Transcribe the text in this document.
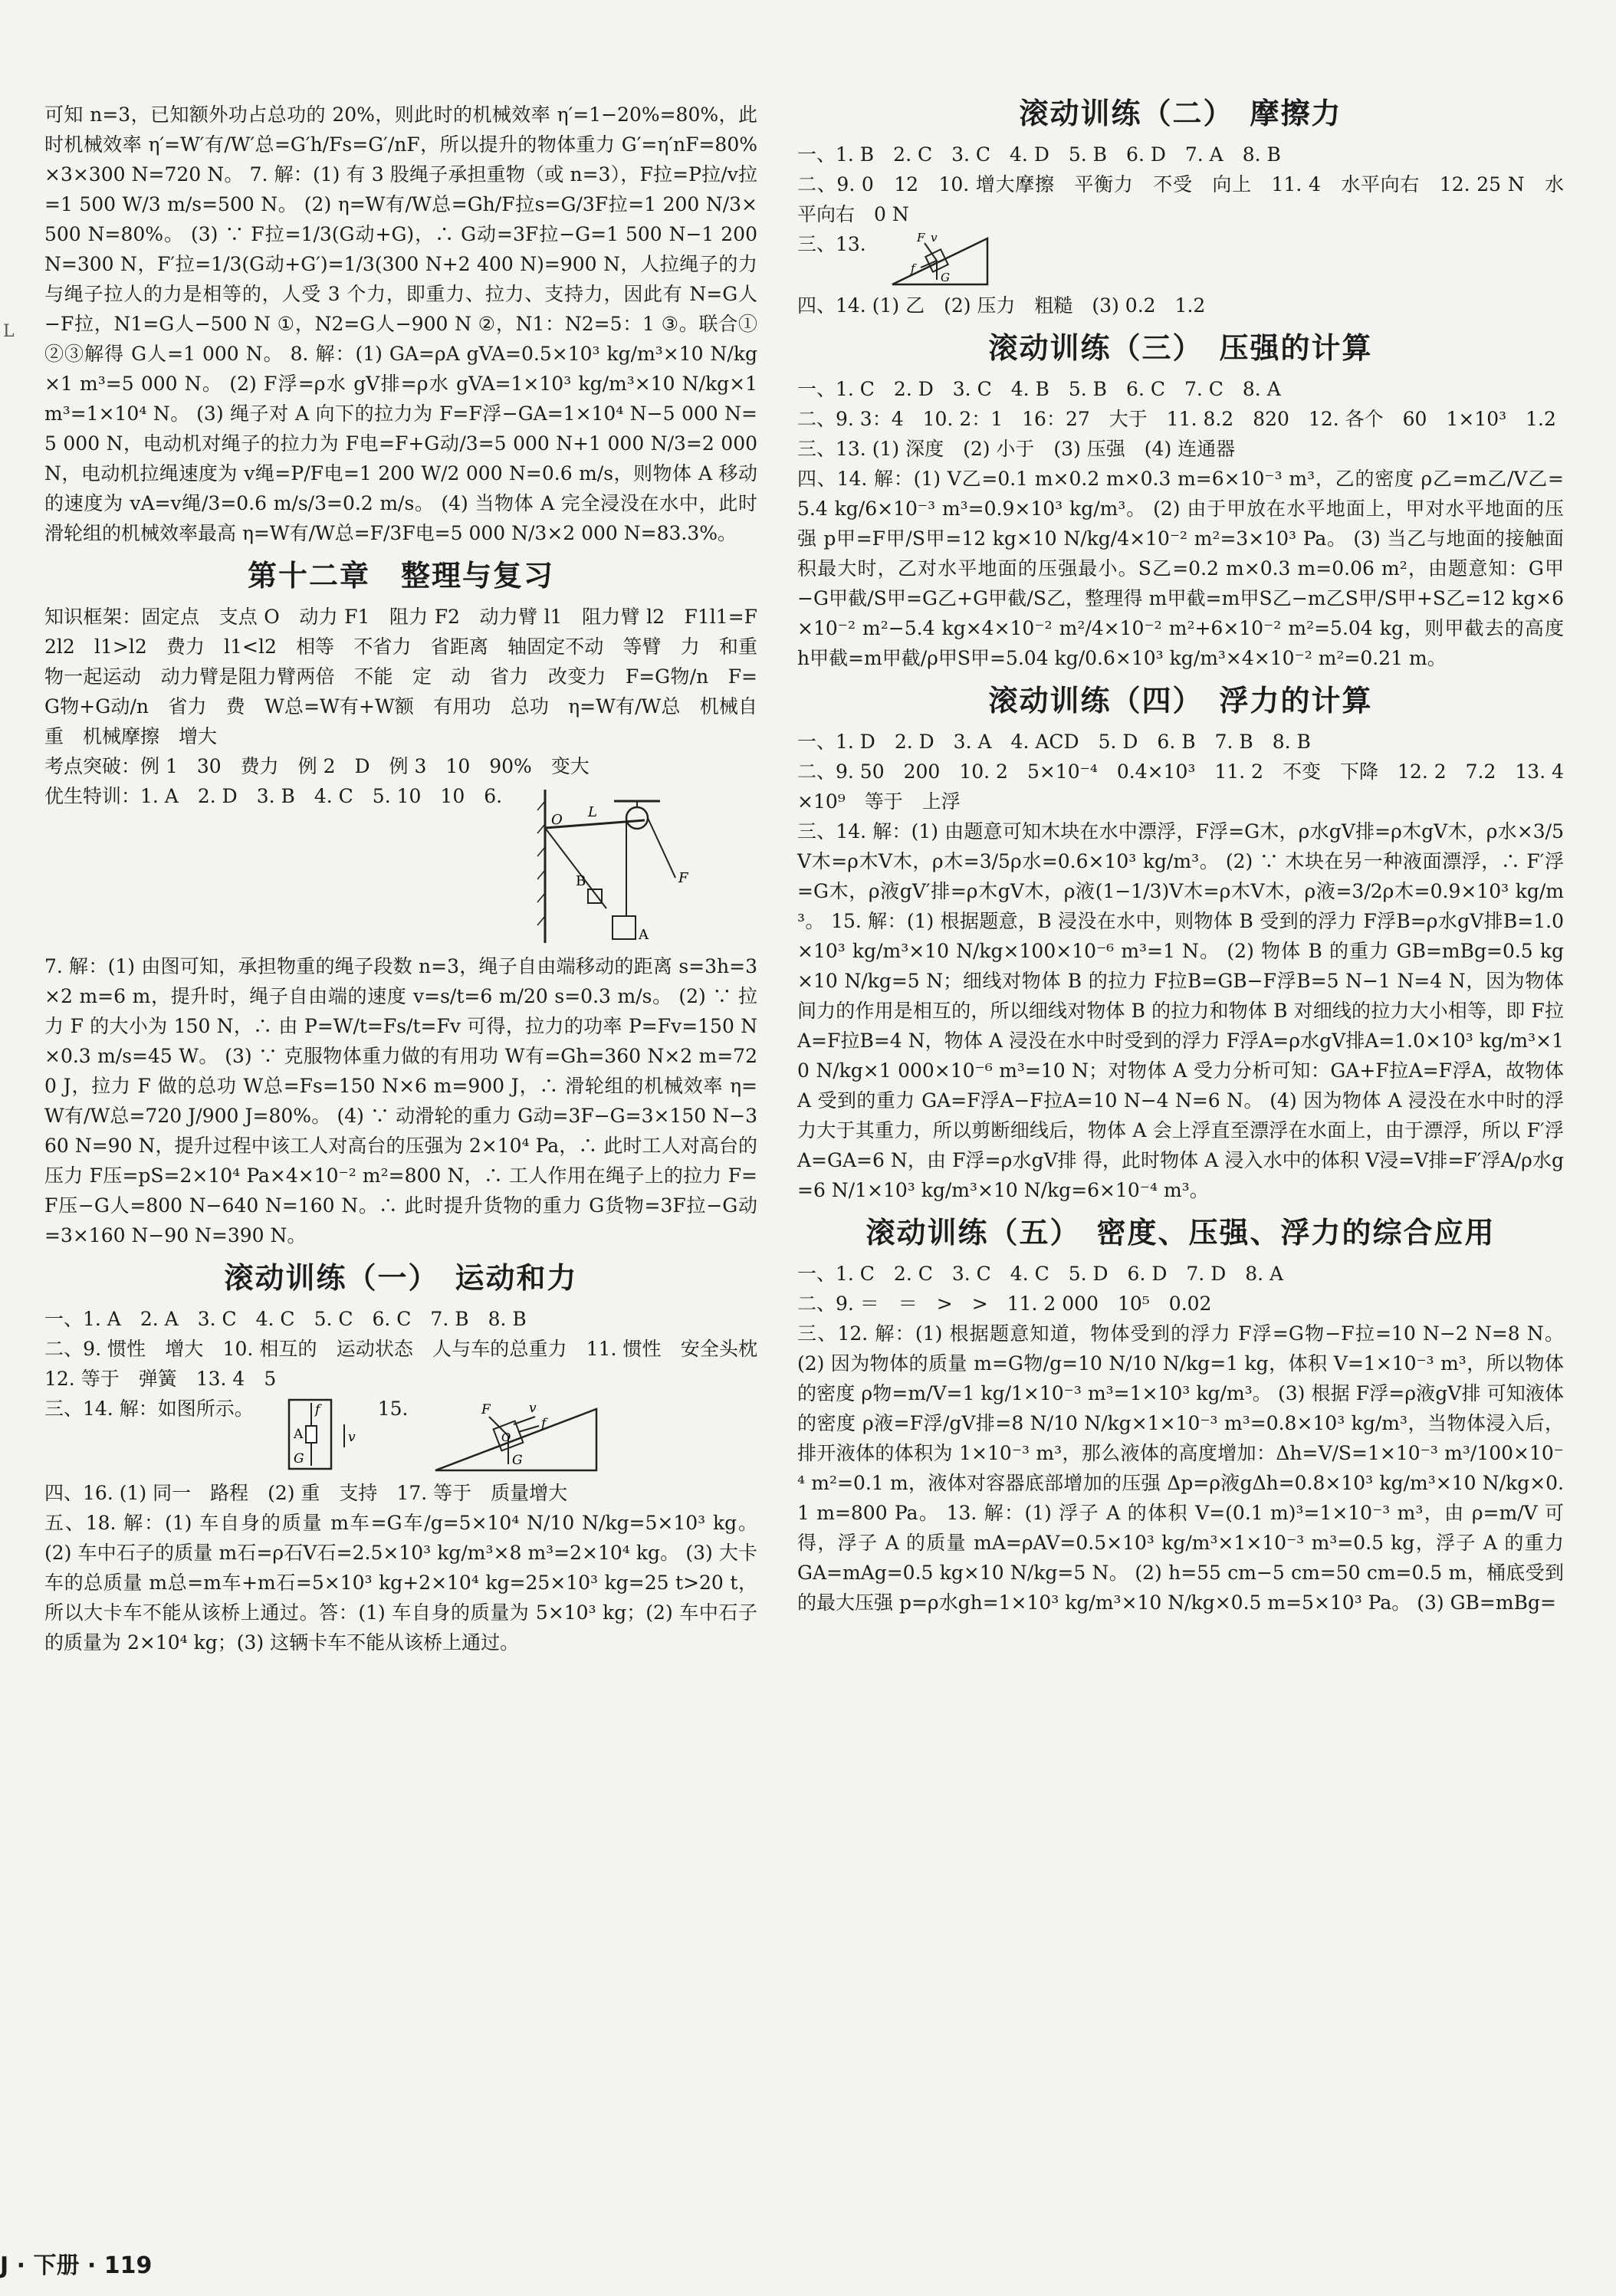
L

可知 n=3，已知额外功占总功的 20%，则此时的机械效率 η′=1−20%=80%，此时机械效率 η′=W′有/W′总=G′h/Fs=G′/nF，所以提升的物体重力 G′=η′nF=80%×3×300 N=720 N。 7. 解：(1) 有 3 股绳子承担重物（或 n=3），F拉=P拉/v拉=1 500 W/3 m/s=500 N。 (2) η=W有/W总=Gh/F拉s=G/3F拉=1 200 N/3×500 N=80%。 (3) ∵ F拉=1/3(G动+G)，∴ G动=3F拉−G=1 500 N−1 200 N=300 N，F′拉=1/3(G动+G′)=1/3(300 N+2 400 N)=900 N，人拉绳子的力与绳子拉人的力是相等的，人受 3 个力，即重力、拉力、支持力，因此有 N=G人−F拉，N1=G人−500 N ①，N2=G人−900 N ②，N1：N2=5：1 ③。联合①②③解得 G人=1 000 N。 8. 解：(1) GA=ρA gVA=0.5×10³ kg/m³×10 N/kg×1 m³=5 000 N。 (2) F浮=ρ水 gV排=ρ水 gVA=1×10³ kg/m³×10 N/kg×1 m³=1×10⁴ N。 (3) 绳子对 A 向下的拉力为 F=F浮−GA=1×10⁴ N−5 000 N=5 000 N，电动机对绳子的拉力为 F电=F+G动/3=5 000 N+1 000 N/3=2 000 N，电动机拉绳速度为 v绳=P/F电=1 200 W/2 000 N=0.6 m/s，则物体 A 移动的速度为 vA=v绳/3=0.6 m/s/3=0.2 m/s。 (4) 当物体 A 完全浸没在水中，此时滑轮组的机械效率最高 η=W有/W总=F/3F电=5 000 N/3×2 000 N=83.3%。

第十二章　整理与复习

知识框架：固定点　支点 O　动力 F1　阻力 F2　动力臂 l1　阻力臂 l2　F1l1=F2l2　l1>l2　费力　l1<l2　相等　不省力　省距离　轴固定不动　等臂　力　和重物一起运动　动力臂是阻力臂两倍　不能　定　动　省力　改变力　F=G物/n　F=G物+G动/n　省力　费　W总=W有+W额　有用功　总功　η=W有/W总　机械自重　机械摩擦　增大

考点突破：例 1　30　费力　例 2　D　例 3　10　90%　变大

优生特训：1. A　2. D　3. B　4. C　5. 10　10　6.

O L
B
A
F

7. 解：(1) 由图可知，承担物重的绳子段数 n=3，绳子自由端移动的距离 s=3h=3×2 m=6 m，提升时，绳子自由端的速度 v=s/t=6 m/20 s=0.3 m/s。 (2) ∵ 拉力 F 的大小为 150 N，∴ 由 P=W/t=Fs/t=Fv 可得，拉力的功率 P=Fv=150 N×0.3 m/s=45 W。 (3) ∵ 克服物体重力做的有用功 W有=Gh=360 N×2 m=720 J，拉力 F 做的总功 W总=Fs=150 N×6 m=900 J，∴ 滑轮组的机械效率 η=W有/W总=720 J/900 J=80%。 (4) ∵ 动滑轮的重力 G动=3F−G=3×150 N−360 N=90 N，提升过程中该工人对高台的压强为 2×10⁴ Pa，∴ 此时工人对高台的压力 F压=pS=2×10⁴ Pa×4×10⁻² m²=800 N，∴ 工人作用在绳子上的拉力 F=F压−G人=800 N−640 N=160 N。∴ 此时提升货物的重力 G货物=3F拉−G动=3×160 N−90 N=390 N。

滚动训练（一）　运动和力

一、1. A　2. A　3. C　4. C　5. C　6. C　7. B　8. B

二、9. 惯性　增大　10. 相互的　运动状态　人与车的总重力　11. 惯性　安全头枕　12. 等于　弹簧　13. 4　5

三、14. 解：如图所示。	f
A
G
v

15.	F	v
O
f
G

四、16. (1) 同一　路程　(2) 重　支持　17. 等于　质量增大

五、18. 解：(1) 车自身的质量 m车=G车/g=5×10⁴ N/10 N/kg=5×10³ kg。 (2) 车中石子的质量 m石=ρ石V石=2.5×10³ kg/m³×8 m³=2×10⁴ kg。 (3) 大卡车的总质量 m总=m车+m石=5×10³ kg+2×10⁴ kg=25×10³ kg=25 t>20 t，所以大卡车不能从该桥上通过。答：(1) 车自身的质量为 5×10³ kg；(2) 车中石子的质量为 2×10⁴ kg；(3) 这辆卡车不能从该桥上通过。

滚动训练（二）　摩擦力

一、1. B　2. C　3. C　4. D　5. B　6. D　7. A　8. B

二、9. 0　12　10. 增大摩擦　平衡力　不受　向上　11. 4　水平向右　12. 25 N　水平向右　0 N

三、13.	F v
f
G

四、14. (1) 乙　(2) 压力　粗糙　(3) 0.2　1.2

滚动训练（三）　压强的计算

一、1. C　2. D　3. C　4. B　5. B　6. C　7. C　8. A

二、9. 3：4　10. 2：1　16：27　大于　11. 8.2　820　12. 各个　60　1×10³　1.2

三、13. (1) 深度　(2) 小于　(3) 压强　(4) 连通器

四、14. 解：(1) V乙=0.1 m×0.2 m×0.3 m=6×10⁻³ m³，乙的密度 ρ乙=m乙/V乙=5.4 kg/6×10⁻³ m³=0.9×10³ kg/m³。 (2) 由于甲放在水平地面上，甲对水平地面的压强 p甲=F甲/S甲=12 kg×10 N/kg/4×10⁻² m²=3×10³ Pa。 (3) 当乙与地面的接触面积最大时，乙对水平地面的压强最小。S乙=0.2 m×0.3 m=0.06 m²，由题意知：G甲−G甲截/S甲=G乙+G甲截/S乙，整理得 m甲截=m甲S乙−m乙S甲/S甲+S乙=12 kg×6×10⁻² m²−5.4 kg×4×10⁻² m²/4×10⁻² m²+6×10⁻² m²=5.04 kg，则甲截去的高度 h甲截=m甲截/ρ甲S甲=5.04 kg/0.6×10³ kg/m³×4×10⁻² m²=0.21 m。

滚动训练（四）　浮力的计算

一、1. D　2. D　3. A　4. ACD　5. D　6. B　7. B　8. B

二、9. 50　200　10. 2　5×10⁻⁴　0.4×10³　11. 2　不变　下降　12. 2　7.2　13. 4×10⁹　等于　上浮

三、14. 解：(1) 由题意可知木块在水中漂浮，F浮=G木，ρ水gV排=ρ木gV木，ρ水×3/5V木=ρ木V木，ρ木=3/5ρ水=0.6×10³ kg/m³。 (2) ∵ 木块在另一种液面漂浮，∴ F′浮=G木，ρ液gV′排=ρ木gV木，ρ液(1−1/3)V木=ρ木V木，ρ液=3/2ρ木=0.9×10³ kg/m³。 15. 解：(1) 根据题意，B 浸没在水中，则物体 B 受到的浮力 F浮B=ρ水gV排B=1.0×10³ kg/m³×10 N/kg×100×10⁻⁶ m³=1 N。 (2) 物体 B 的重力 GB=mBg=0.5 kg×10 N/kg=5 N；细线对物体 B 的拉力 F拉B=GB−F浮B=5 N−1 N=4 N，因为物体间力的作用是相互的，所以细线对物体 B 的拉力和物体 B 对细线的拉力大小相等，即 F拉A=F拉B=4 N，物体 A 浸没在水中时受到的浮力 F浮A=ρ水gV排A=1.0×10³ kg/m³×10 N/kg×1 000×10⁻⁶ m³=10 N；对物体 A 受力分析可知：GA+F拉A=F浮A，故物体 A 受到的重力 GA=F浮A−F拉A=10 N−4 N=6 N。 (4) 因为物体 A 浸没在水中时的浮力大于其重力，所以剪断细线后，物体 A 会上浮直至漂浮在水面上，由于漂浮，所以 F′浮A=GA=6 N，由 F浮=ρ水gV排 得，此时物体 A 浸入水中的体积 V浸=V排=F′浮A/ρ水g=6 N/1×10³ kg/m³×10 N/kg=6×10⁻⁴ m³。

滚动训练（五）　密度、压强、浮力的综合应用

一、1. C　2. C　3. C　4. C　5. D　6. D　7. D　8. A

二、9. ＝　＝　>　>　11. 2 000　10⁵　0.02

三、12. 解：(1) 根据题意知道，物体受到的浮力 F浮=G物−F拉=10 N−2 N=8 N。 (2) 因为物体的质量 m=G物/g=10 N/10 N/kg=1 kg，体积 V=1×10⁻³ m³，所以物体的密度 ρ物=m/V=1 kg/1×10⁻³ m³=1×10³ kg/m³。 (3) 根据 F浮=ρ液gV排 可知液体的密度 ρ液=F浮/gV排=8 N/10 N/kg×1×10⁻³ m³=0.8×10³ kg/m³，当物体浸入后，排开液体的体积为 1×10⁻³ m³，那么液体的高度增加：Δh=V/S=1×10⁻³ m³/100×10⁻⁴ m²=0.1 m，液体对容器底部增加的压强 Δp=ρ液gΔh=0.8×10³ kg/m³×10 N/kg×0.1 m=800 Pa。 13. 解：(1) 浮子 A 的体积 V=(0.1 m)³=1×10⁻³ m³，由 ρ=m/V 可得，浮子 A 的质量 mA=ρAV=0.5×10³ kg/m³×1×10⁻³ m³=0.5 kg，浮子 A 的重力 GA=mAg=0.5 kg×10 N/kg=5 N。 (2) h=55 cm−5 cm=50 cm=0.5 m，桶底受到的最大压强 p=ρ水gh=1×10³ kg/m³×10 N/kg×0.5 m=5×10³ Pa。 (3) GB=mBg=

J · 下册 · 119
